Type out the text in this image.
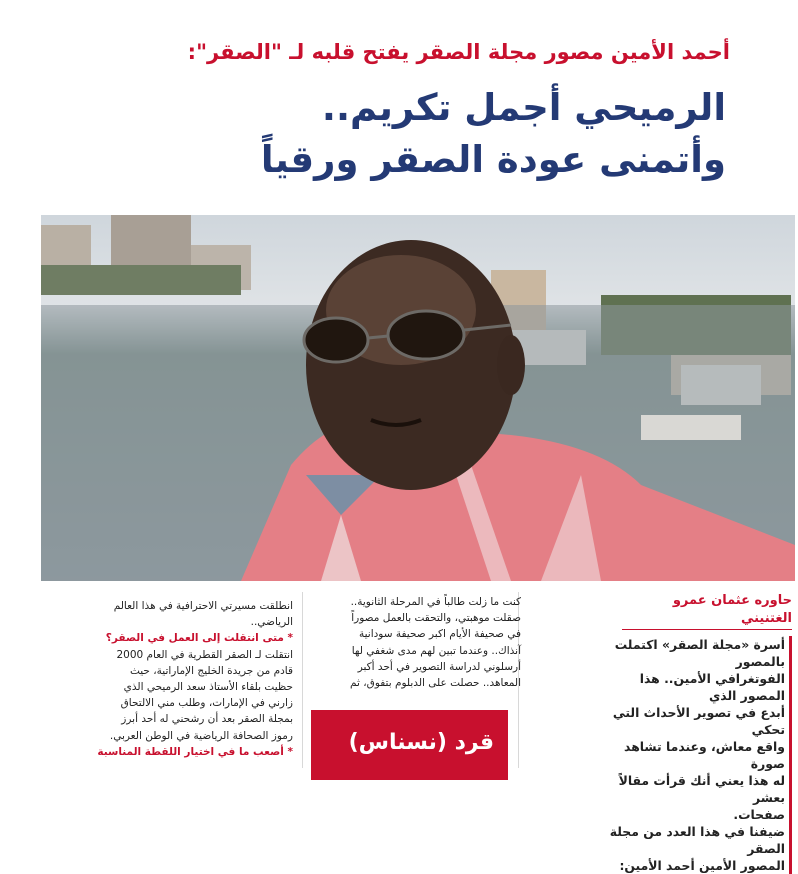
أحمد الأمين مصور مجلة الصقر يفتح قلبه لـ "الصقر":
الرميحي أجمل تكريم..
وأتمنى عودة الصقر ورقياً
حاوره عثمان عمرو الغتنيني
أسرة «مجلة الصقر» اكتملت بالمصور
الفوتغرافي الأمين.. هذا المصور الذي
أبدع في تصوير الأحداث التي تحكي
واقع معاش، وعندما تشاهد صورة
له هذا يعني أنك قرأت مقالاً بعشر
صفحات.
ضيفنا في هذا العدد من مجلة الصقر
المصور الأمين أحمد الأمين:
كنت ما زلت طالباً في المرحلة الثانوية..
صقلت موهبتي، والتحقت بالعمل مصوراً
في صحيفة الأيام اكبر صحيفة سودانية
آنذاك.. وعندما تبين لهم مدى شغفي لها
أرسلوني لدراسة التصوير في أحد أكبر
المعاهد.. حصلت على الدبلوم بتفوق، ثم
قرد (نسناس)
انطلقت مسيرتي الاحترافية في هذا العالم
الرياضي..
* متى انتقلت إلى العمل في الصقر؟
انتقلت لـ الصقر القطرية في العام 2000
قادم من جريدة الخليج الإماراتية، حيث
حظيت بلقاء الأستاذ سعد الرميحي الذي
زارني في الإمارات، وطلب مني الالتحاق
بمجلة الصقر بعد أن رشحني له أحد أبرز
رموز الصحافة الرياضية في الوطن العربي.
* أصعب ما في اختيار اللقطة المناسبة
